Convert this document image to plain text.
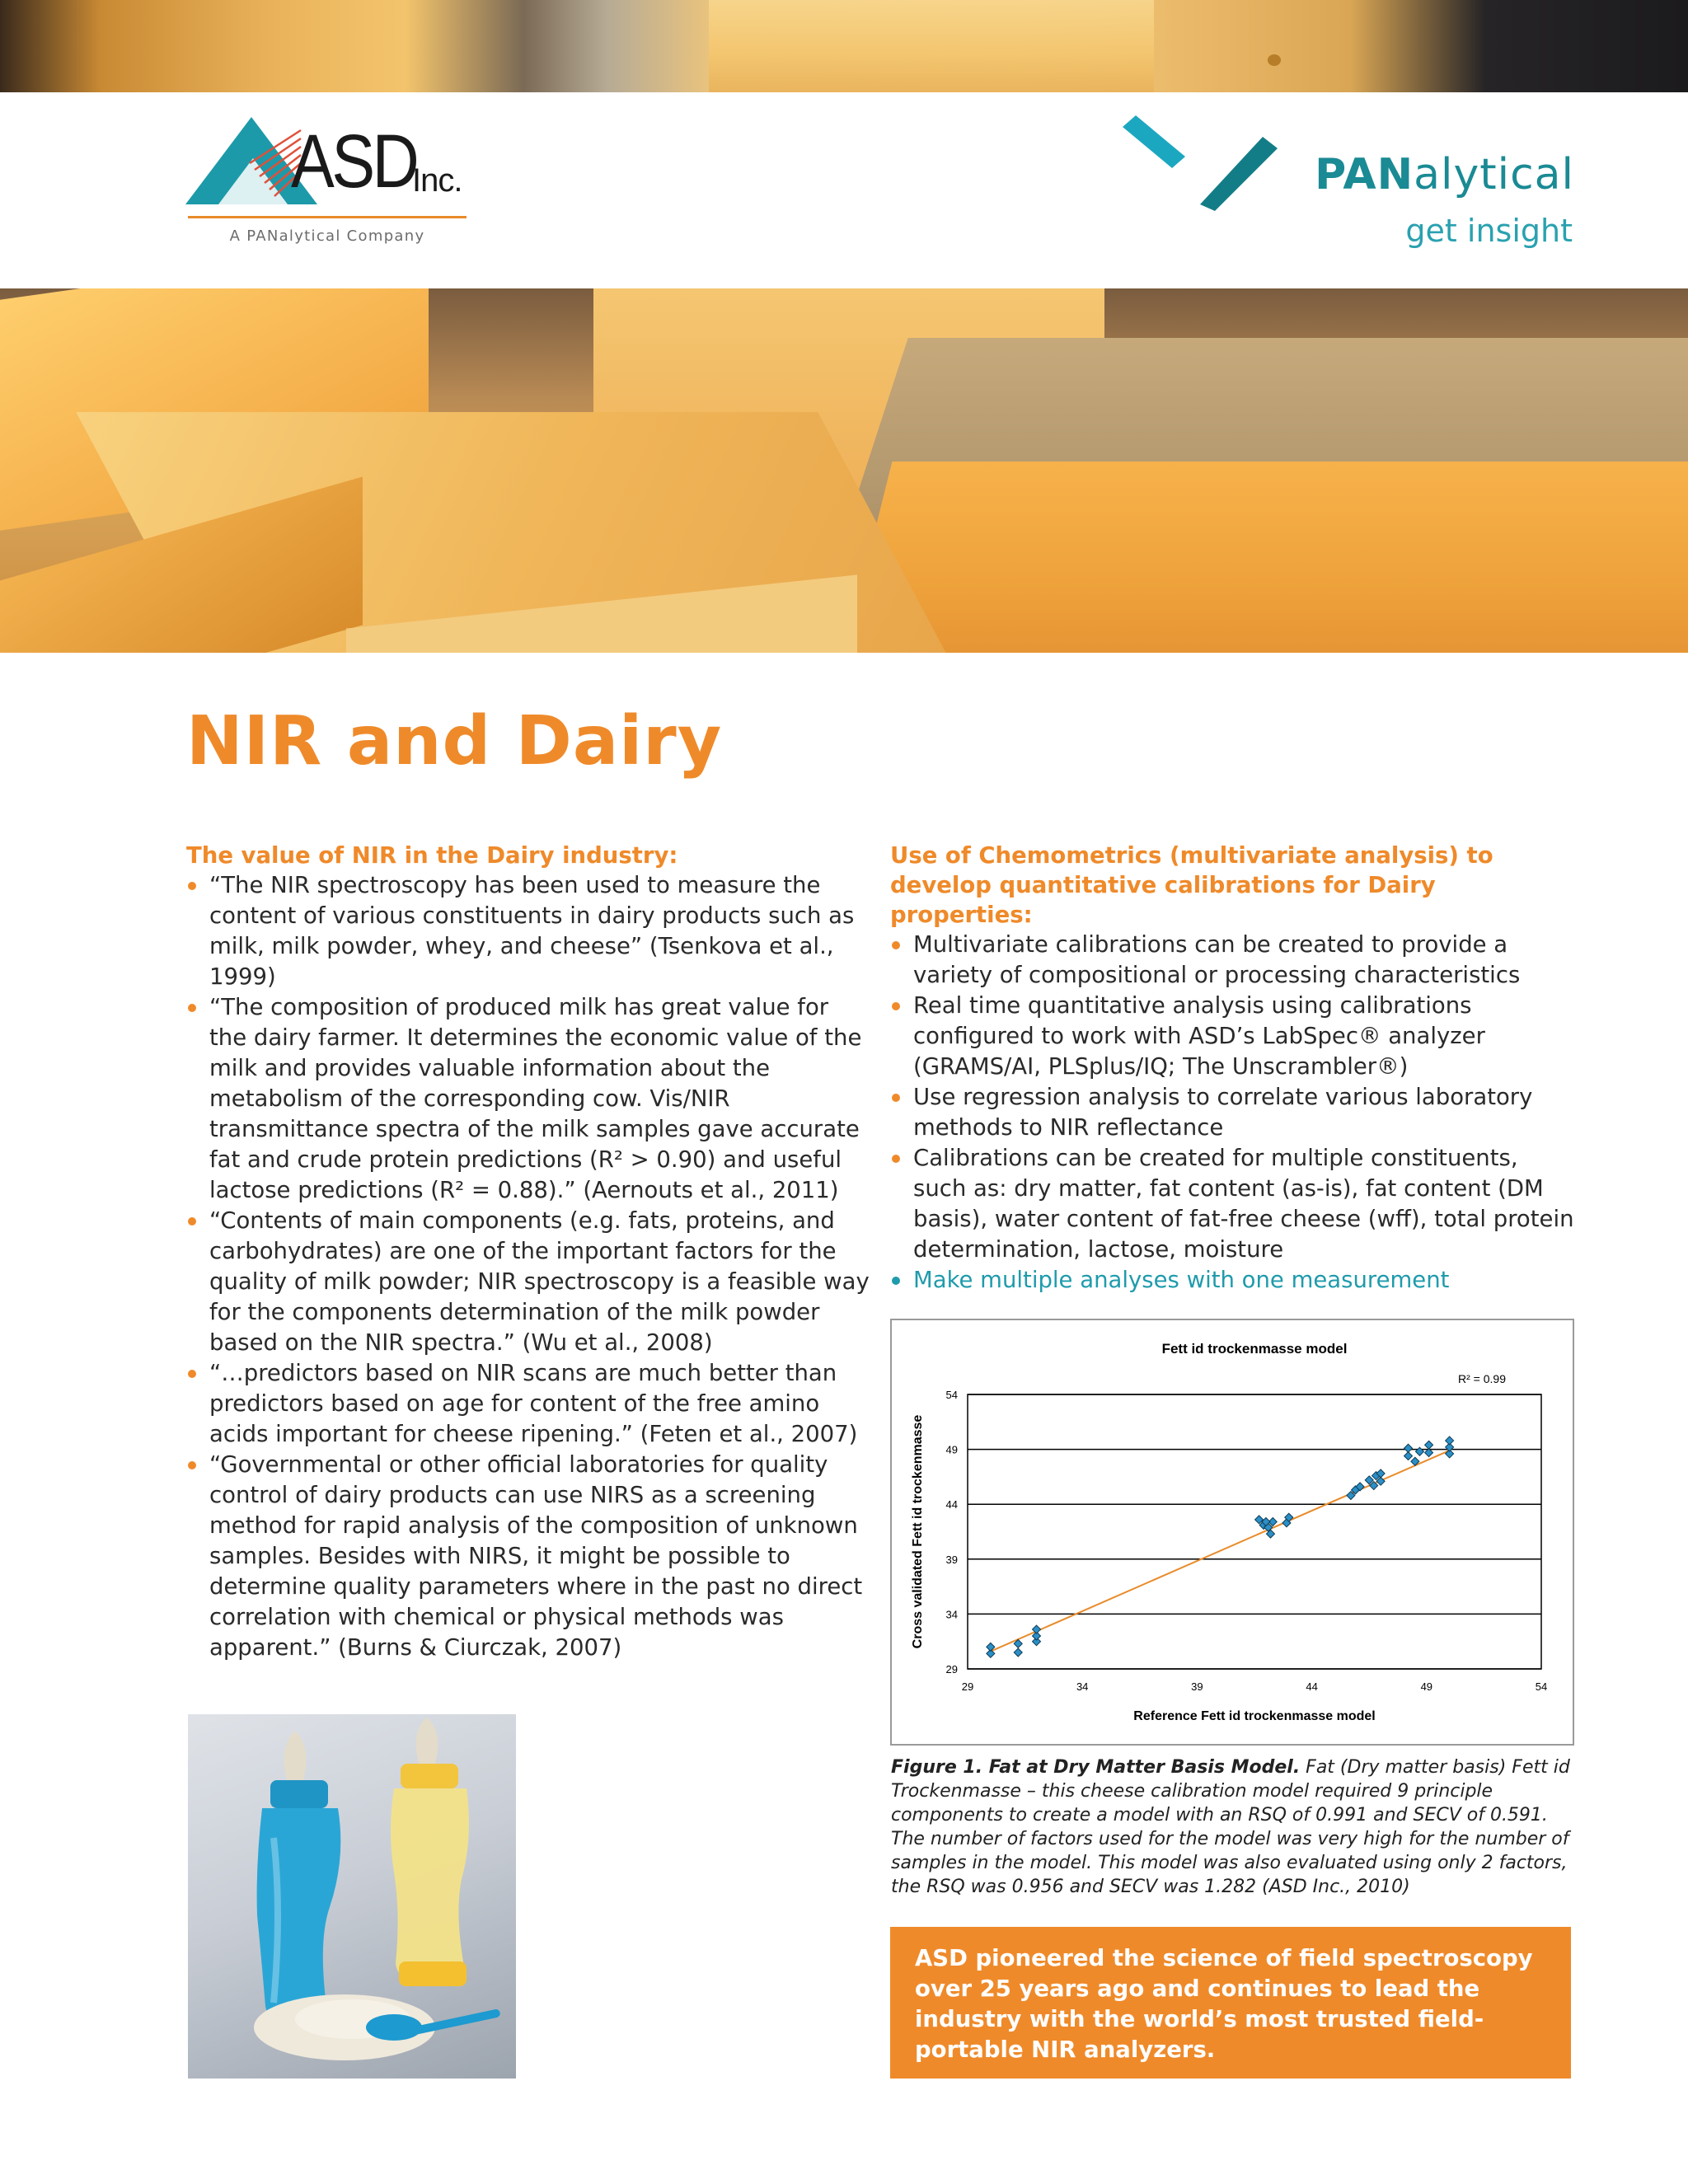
ASD
Inc.
A PANalytical Company
PANalytical
get insight
NIR and Dairy
The value of NIR in the Dairy industry:
“The NIR spectroscopy has been used to measure the content of various constituents in dairy products such as milk, milk powder, whey, and cheese” (Tsenkova et al., 1999)
“The composition of produced milk has great value for the dairy farmer. It determines the economic value of the milk and provides valuable information about the metabolism of the corresponding cow. Vis/NIR transmittance spectra of the milk samples gave accurate fat and crude protein predictions (R² > 0.90) and useful lactose predictions (R² = 0.88).” (Aernouts et al., 2011)
“Contents of main components (e.g. fats, proteins, and carbohydrates) are one of the important factors for the quality of milk powder; NIR spectroscopy is a feasible way for the components determination of the milk powder based on the NIR spectra.” (Wu et al., 2008)
“…predictors based on NIR scans are much better than predictors based on age for content of the free amino acids important for cheese ripening.” (Feten et al., 2007)
“Governmental or other official laboratories for quality control of dairy products can use NIRS as a screening method for rapid analysis of the composition of unknown samples. Besides with NIRS, it might be possible to determine quality parameters where in the past no direct correlation with chemical or physical methods was apparent.” (Burns & Ciurczak, 2007)
Use of Chemometrics (multivariate analysis) to develop quantitative calibrations for Dairy properties:
Multivariate calibrations can be created to provide a variety of compositional or processing characteristics
Real time quantitative analysis using calibrations configured to work with ASD’s LabSpec® analyzer (GRAMS/AI, PLSplus/IQ; The Unscrambler®)
Use regression analysis to correlate various laboratory methods to NIR reflectance
Calibrations can be created for multiple constituents, such as: dry matter, fat content (as-is), fat content (DM basis), water content of fat-free cheese (wff), total protein determination, lactose, moisture
Make multiple analyses with one measurement
29
34
39
44
49
54
29	34	39	44	49	54
Fett id trockenmasse model
Reference Fett id trockenmasse model
Cross validated Fett id trockenmasse
R² = 0.99
Figure 1. Fat at Dry Matter Basis Model. Fat (Dry matter basis) Fett id Trockenmasse – this cheese calibration model required 9 principle components to create a model with an RSQ of 0.991 and SECV of 0.591. The number of factors used for the model was very high for the number of samples in the model. This model was also evaluated using only 2 factors, the RSQ was 0.956 and SECV was 1.282 (ASD Inc., 2010)

ASD pioneered the science of field spectroscopy over 25 years ago and continues to lead the industry with the world’s most trusted field-portable NIR analyzers.
